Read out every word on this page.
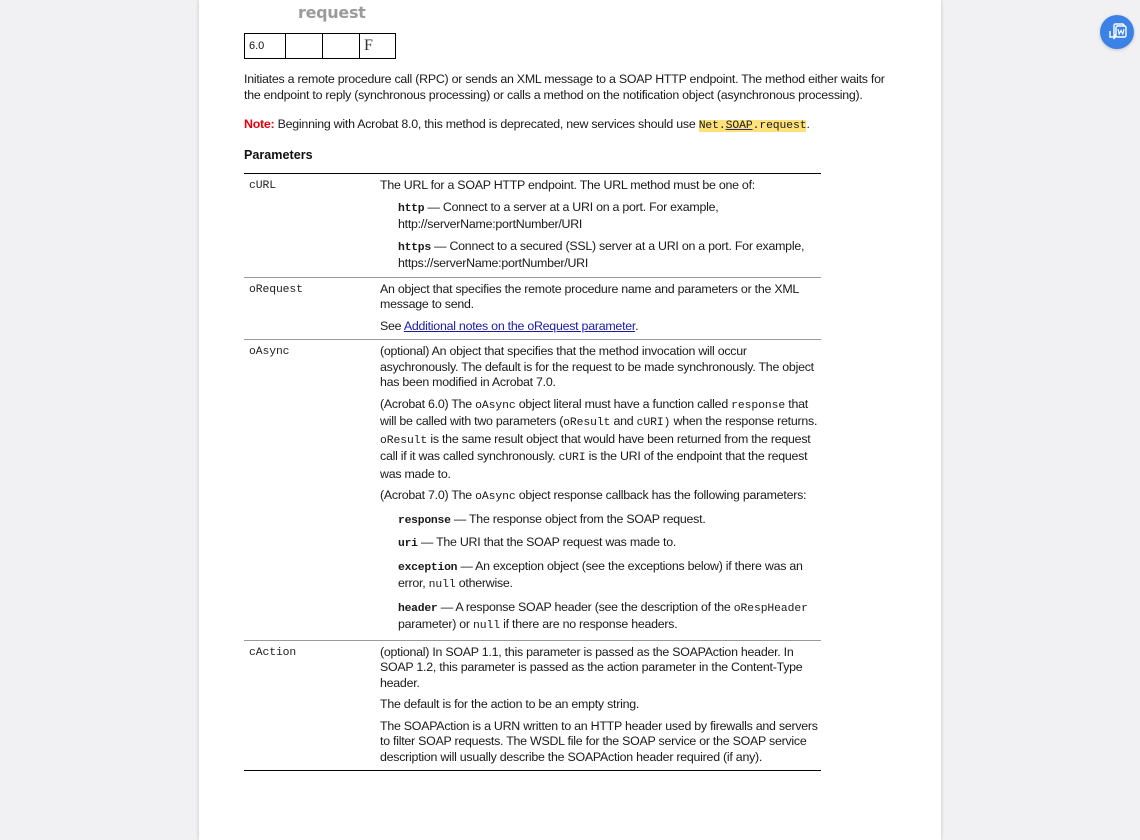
request
6.0			F
Initiates a remote procedure call (RPC) or sends an XML message to a SOAP HTTP endpoint. The method either waits for the endpoint to reply (synchronous processing) or calls a method on the notification object (asynchronous processing).
Note: Beginning with Acrobat 8.0, this method is deprecated, new services should use Net.SOAP.request.
Parameters
cURL	The URL for a SOAP HTTP endpoint. The URL method must be one of:

http — Connect to a server at a URI on a port. For example, http://serverName:portNumber/URI

https — Connect to a secured (SSL) server at a URI on a port. For example, https://serverName:portNumber/URI

oRequest	An object that specifies the remote procedure name and parameters or the XML message to send.

See Additional notes on the oRequest parameter.

oAsync	(optional) An object that specifies that the method invocation will occur asychronously. The default is for the request to be made synchronously. The object has been modified in Acrobat 7.0.

(Acrobat 6.0) The oAsync object literal must have a function called response that will be called with two parameters (oResult and cURI) when the response returns. oResult is the same result object that would have been returned from the request call if it was called synchronously. cURI is the URI of the endpoint that the request was made to.

(Acrobat 7.0) The oAsync object response callback has the following parameters:

response — The response object from the SOAP request.

uri — The URI that the SOAP request was made to.

exception — An exception object (see the exceptions below) if there was an error, null otherwise.

header — A response SOAP header (see the description of the oRespHeader parameter) or null if there are no response headers.

cAction	(optional) In SOAP 1.1, this parameter is passed as the SOAPAction header. In SOAP 1.2, this parameter is passed as the action parameter in the Content-Type header.

The default is for the action to be an empty string.

The SOAPAction is a URN written to an HTTP header used by firewalls and servers to filter SOAP requests. The WSDL file for the SOAP service or the SOAP service description will usually describe the SOAPAction header required (if any).
